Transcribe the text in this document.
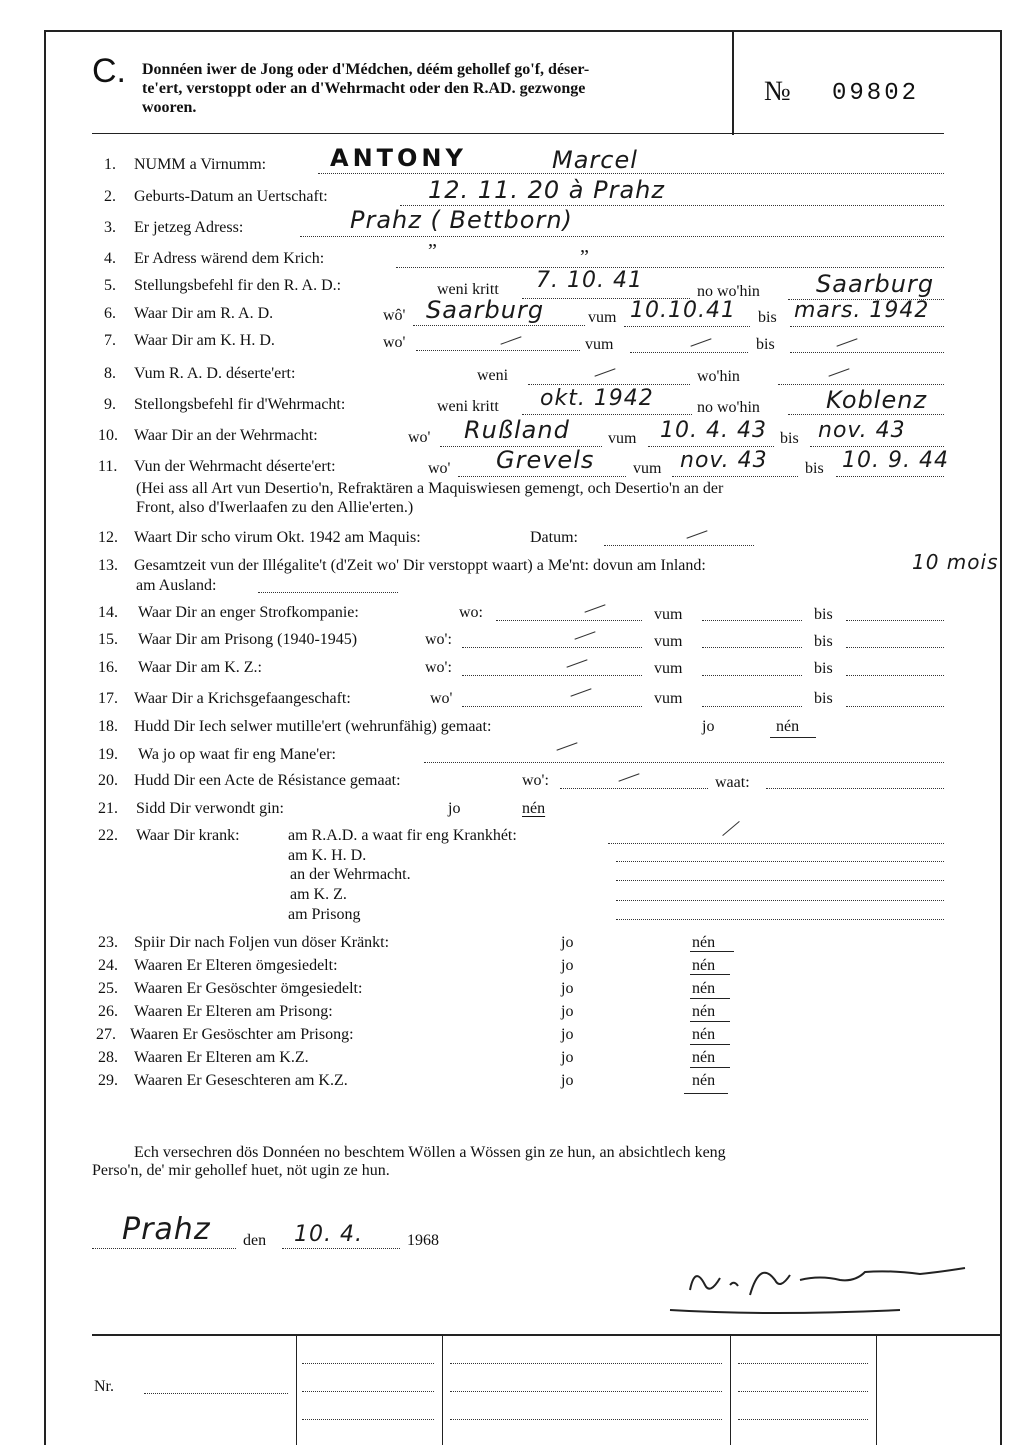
C. Donnéen iwer de Jong oder d'Médchen, déém gehollef go'f, déser-
te'ert, verstoppt oder an d'Wehrmacht oder den R.AD. gezwonge
wooren.
№ 09802
1. NUMM a Virnumm:	ANTONY	Marcel
2. Geburts-Datum an Uertschaft:	12. 11. 20 à Prahz
3. Er jetzeg Adress:	Prahz ( Bettborn)
4. Er Adress wärend dem Krich:	”	”
5. Stellungsbefehl fir den R. A. D.:	weni kritt 7. 10. 41	no wo'hin Saarburg
6. Waar Dir am R. A. D.	wô' Saarburg	vum 10.10.41 bis mars. 1942
7. Waar Dir am K. H. D.	wo'	vum	bis
8. Vum R. A. D. déserte'ert:	weni	wo'hin
9. Stellongsbefehl fir d'Wehrmacht:	weni kritt okt. 1942	no wo'hin	Koblenz
10. Waar Dir an der Wehrmacht:	wo' Rußland vum 10. 4. 43 bis nov. 43
11. Vun der Wehrmacht déserte'ert:	wo' Grevels vum nov. 43 bis 10. 9. 44
(Hei ass all Art vun Desertio'n, Refraktären a Maquiswiesen gemengt, och Desertio'n an der
Front, also d'Iwerlaafen zu den Allie'erten.)
12. Waart Dir scho virum Okt. 1942 am Maquis:	Datum:
13. Gesamtzeit vun der Illégalite't (d'Zeit wo' Dir verstoppt waart) a Me'nt: dovun am Inland:	10 mois
am Ausland:
14. Waar Dir an enger Strofkompanie:	wo:	vum	bis
15. Waar Dir am Prisong (1940-1945)	wo':	vum	bis
16. Waar Dir am K. Z.:	wo':	vum	bis
17. Waar Dir a Krichsgefaangeschaft:	wo'	vum	bis
18. Hudd Dir Iech selwer mutille'ert (wehrunfähig) gemaat:	jo	nén
19. Wa jo op waat fir eng Mane'er:
20. Hudd Dir een Acte de Résistance gemaat:	wo':	waat:
21. Sidd Dir verwondt gin:	jo	nén
22. Waar Dir krank:	am R.A.D. a waat fir eng Krankhét:
am K. H. D.
an der Wehrmacht.
am K. Z.
am Prisong
23. Spiir Dir nach Foljen vun döser Kränkt:	jo	nén
24. Waaren Er Elteren ömgesiedelt:	jo	nén
25. Waaren Er Gesöschter ömgesiedelt:	jo	nén
26. Waaren Er Elteren am Prisong:	jo	nén
27. Waaren Er Gesöschter am Prisong:	jo	nén
28. Waaren Er Elteren am K.Z.	jo	nén
29. Waaren Er Geseschteren am K.Z.	jo	nén
Ech versechren dös Donnéen no beschtem Wöllen a Wössen gin ze hun, an absichtlech keng
Perso'n, de' mir gehollef huet, nöt ugin ze hun.
Prahz den 10. 4.	1968
Nr.
